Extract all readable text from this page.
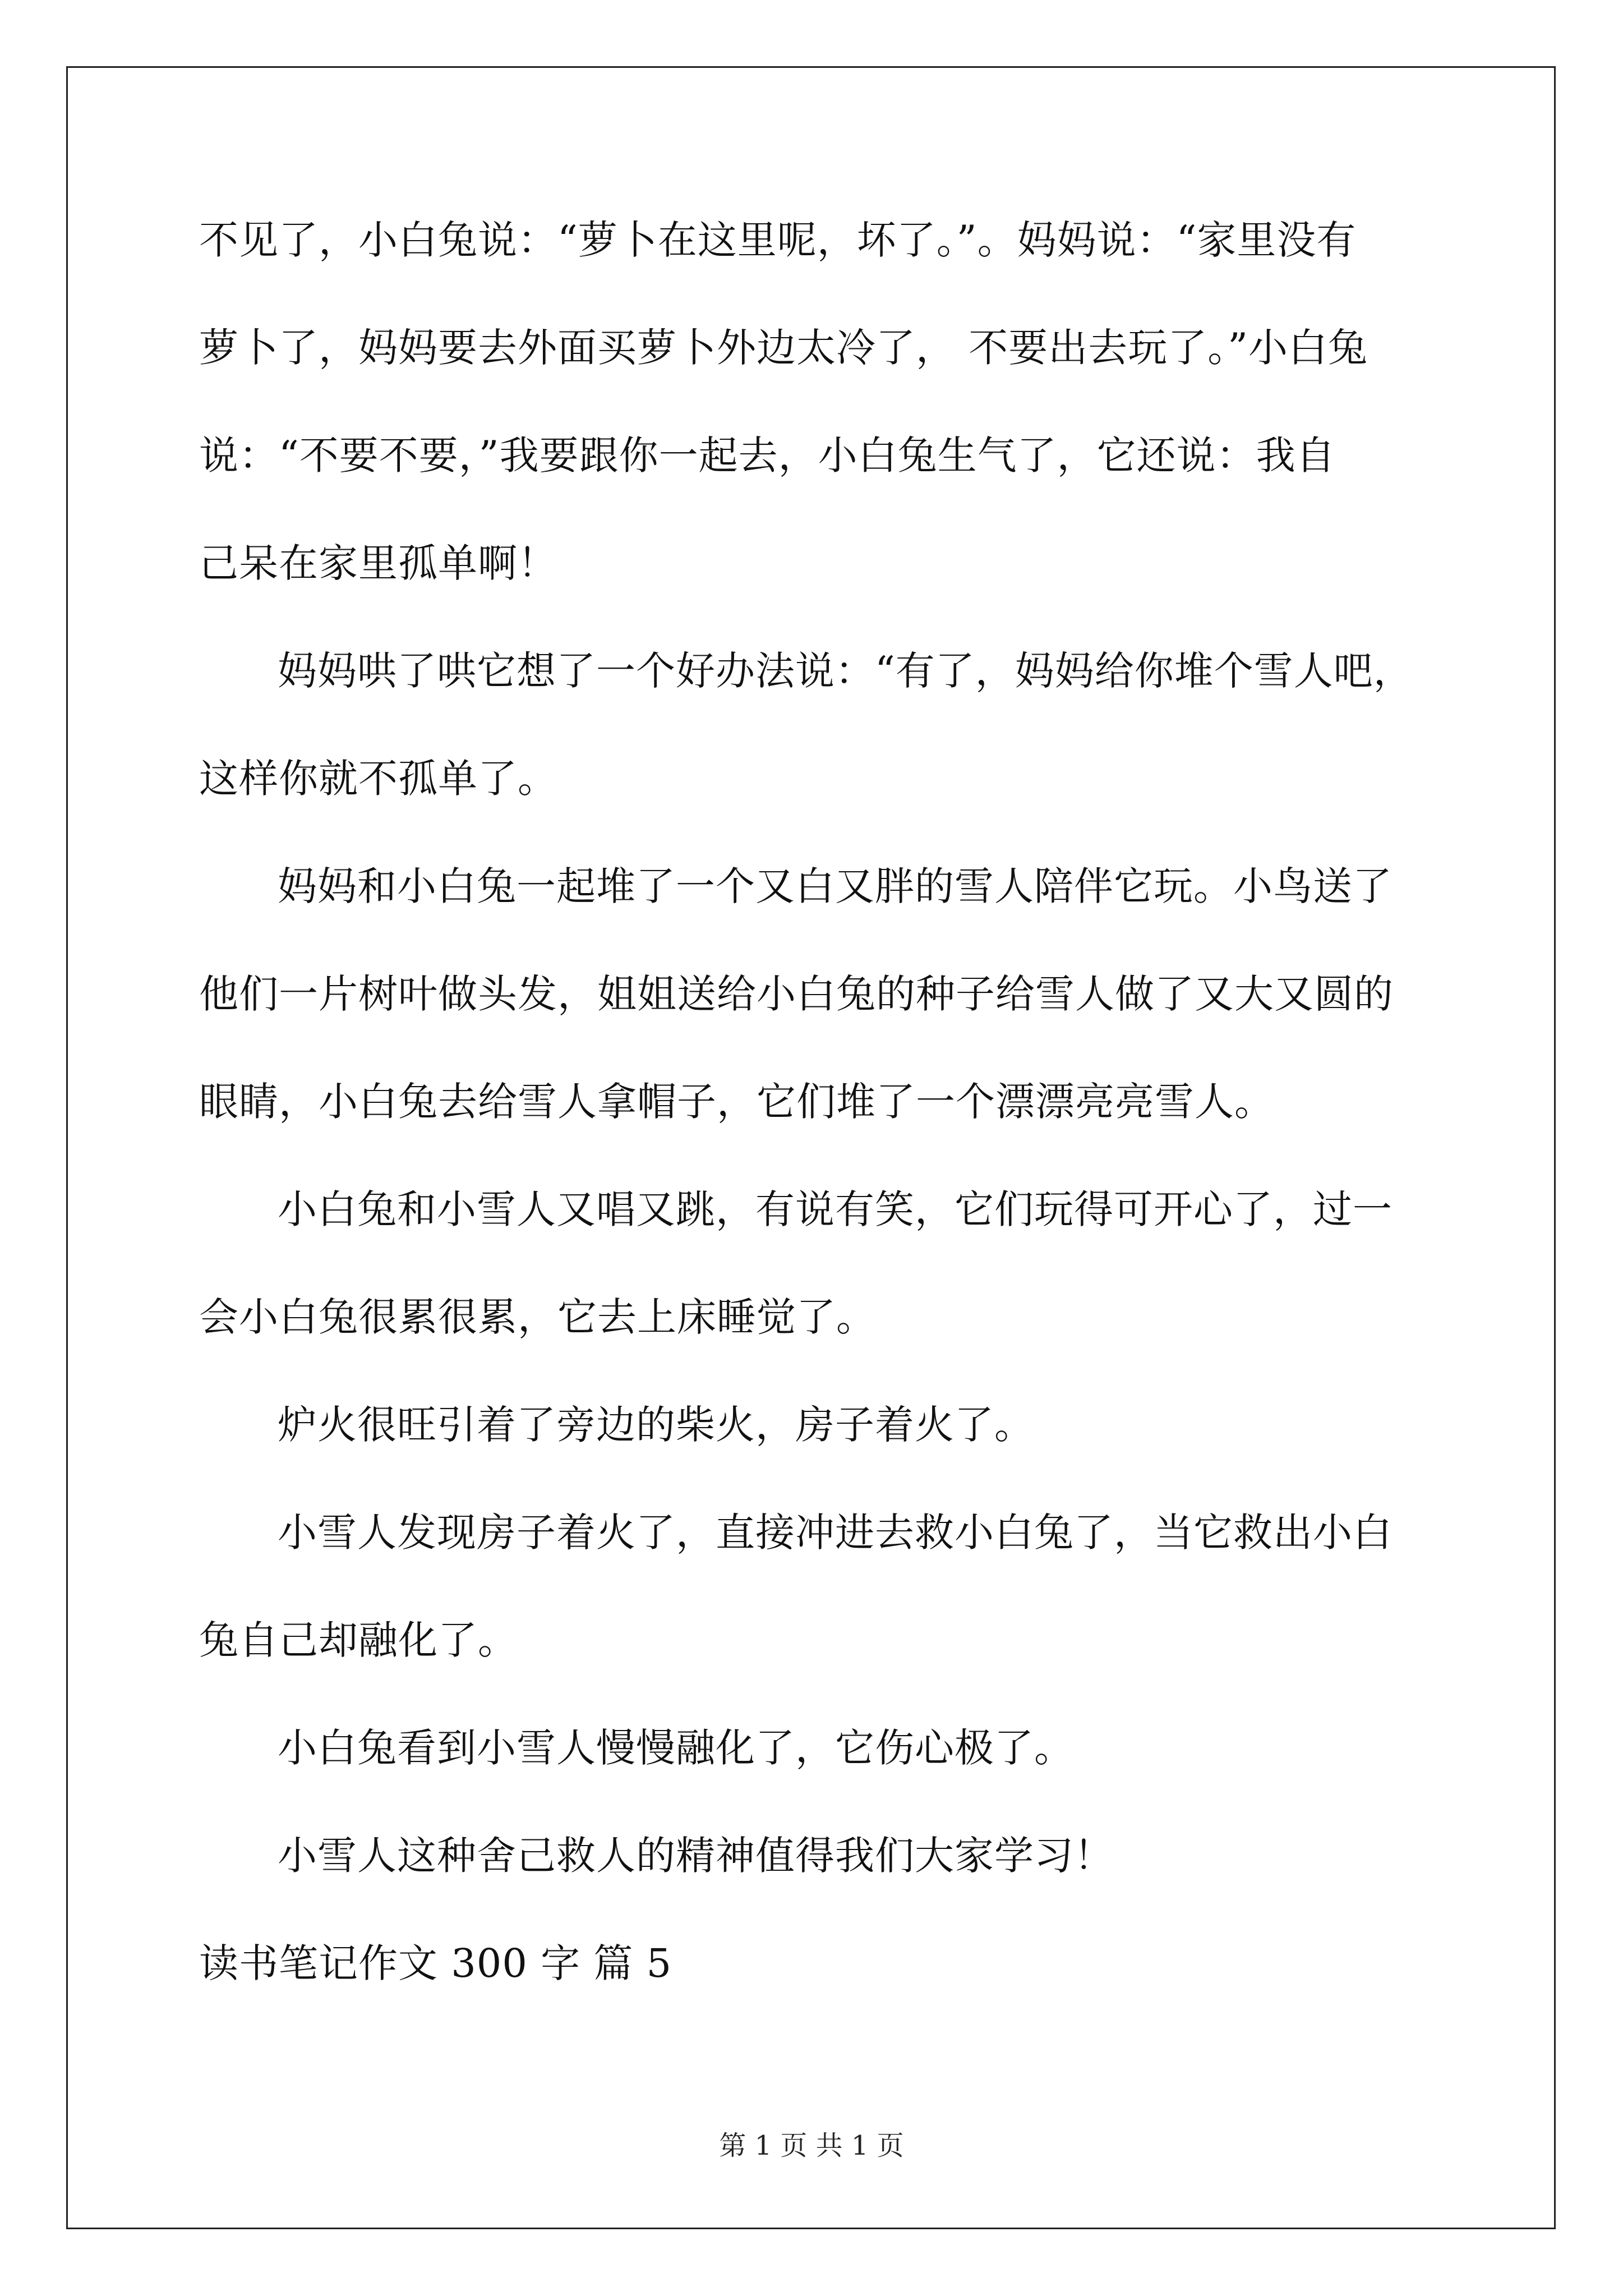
不见了，小白兔说：“萝卜在这里呢，坏了。”。妈妈说：“家里没有
萝卜了，妈妈要去外面买萝卜外边太冷了， 不要出去玩了。”小白兔
说：“不要不要，”我要跟你一起去，小白兔生气了，它还说：我自
己呆在家里孤单啊！
妈妈哄了哄它想了一个好办法说：“有了，妈妈给你堆个雪人吧，
这样你就不孤单了。
妈妈和小白兔一起堆了一个又白又胖的雪人陪伴它玩。小鸟送了
他们一片树叶做头发，姐姐送给小白兔的种子给雪人做了又大又圆的
眼睛，小白兔去给雪人拿帽子，它们堆了一个漂漂亮亮雪人。
小白兔和小雪人又唱又跳，有说有笑，它们玩得可开心了，过一
会小白兔很累很累，它去上床睡觉了。
炉火很旺引着了旁边的柴火，房子着火了。
小雪人发现房子着火了，直接冲进去救小白兔了，当它救出小白
兔自己却融化了。
小白兔看到小雪人慢慢融化了，它伤心极了。
小雪人这种舍己救人的精神值得我们大家学习！
读书笔记作文 300 字 篇 5
第 1 页 共 1 页
